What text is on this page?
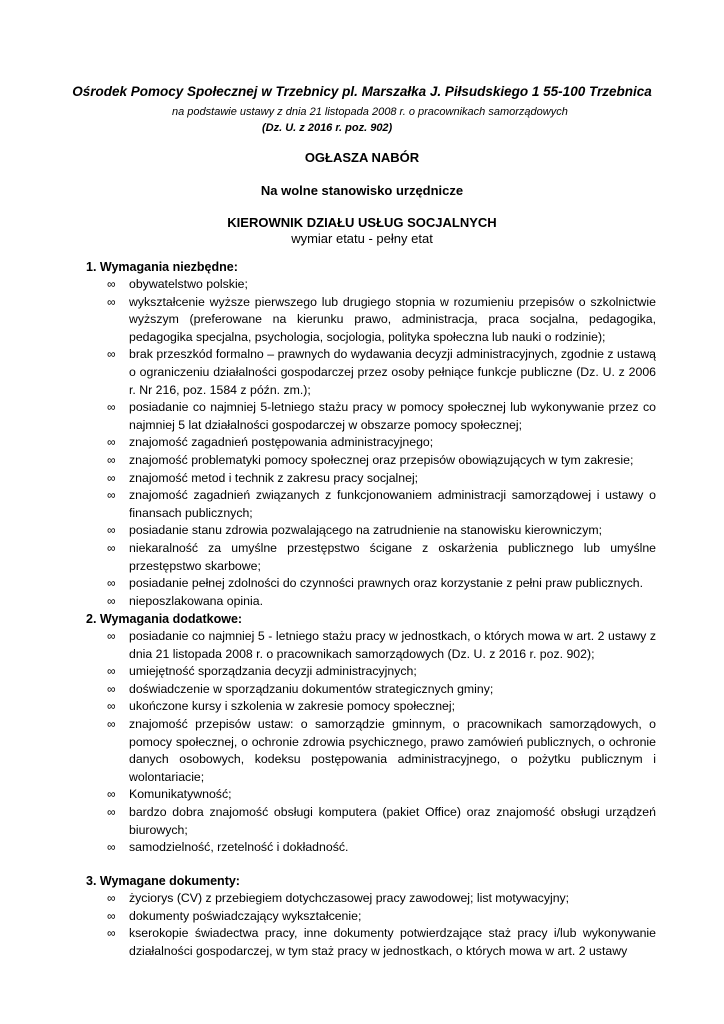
Ośrodek Pomocy Społecznej w Trzebnicy pl. Marszałka J. Piłsudskiego 1 55-100 Trzebnica
na podstawie ustawy z dnia 21 listopada 2008 r. o pracownikach samorządowych
(Dz. U. z 2016 r. poz. 902)
OGŁASZA NABÓR
Na wolne stanowisko urzędnicze
KIEROWNIK DZIAŁU USŁUG SOCJALNYCH
wymiar etatu - pełny etat
1. Wymagania niezbędne:
∞ obywatelstwo polskie;
∞ wykształcenie wyższe pierwszego lub drugiego stopnia w rozumieniu przepisów o szkolnictwie wyższym (preferowane na kierunku prawo, administracja, praca socjalna, pedagogika, pedagogika specjalna, psychologia, socjologia, polityka społeczna lub nauki o rodzinie);
∞ brak przeszkód formalno – prawnych do wydawania decyzji administracyjnych, zgodnie z ustawą o ograniczeniu działalności gospodarczej przez osoby pełniące funkcje publiczne (Dz. U. z 2006 r. Nr 216, poz. 1584 z późn. zm.);
∞ posiadanie co najmniej 5-letniego stażu pracy w pomocy społecznej lub wykonywanie przez co najmniej 5 lat działalności gospodarczej w obszarze pomocy społecznej;
∞ znajomość zagadnień postępowania administracyjnego;
∞ znajomość problematyki pomocy społecznej oraz przepisów obowiązujących w tym zakresie;
∞ znajomość metod i technik z zakresu pracy socjalnej;
∞ znajomość zagadnień związanych z funkcjonowaniem administracji samorządowej i ustawy o finansach publicznych;
∞ posiadanie stanu zdrowia pozwalającego na zatrudnienie na stanowisku kierowniczym;
∞ niekaralność za umyślne przestępstwo ścigane z oskarżenia publicznego lub umyślne przestępstwo skarbowe;
∞ posiadanie pełnej zdolności do czynności prawnych oraz korzystanie z pełni praw publicznych.
∞ nieposzlakowana opinia.
2. Wymagania dodatkowe:
∞ posiadanie co najmniej 5 - letniego stażu pracy w jednostkach, o których mowa w art. 2 ustawy z dnia 21 listopada 2008 r. o pracownikach samorządowych (Dz. U. z 2016 r. poz. 902);
∞ umiejętność sporządzania decyzji administracyjnych;
∞ doświadczenie w sporządzaniu dokumentów strategicznych gminy;
∞ ukończone kursy i szkolenia w zakresie pomocy społecznej;
∞ znajomość przepisów ustaw: o samorządzie gminnym, o pracownikach samorządowych, o pomocy społecznej, o ochronie zdrowia psychicznego, prawo zamówień publicznych, o ochronie danych osobowych, kodeksu postępowania administracyjnego, o pożytku publicznym i wolontariacie;
∞ Komunikatywność;
∞ bardzo dobra znajomość obsługi komputera (pakiet Office) oraz znajomość obsługi urządzeń biurowych;
∞ samodzielność, rzetelność i dokładność.
3. Wymagane dokumenty:
∞ życiorys (CV) z przebiegiem dotychczasowej pracy zawodowej; list motywacyjny;
∞ dokumenty poświadczający wykształcenie;
∞ kserokopie świadectwa pracy, inne dokumenty potwierdzające staż pracy i/lub wykonywanie działalności gospodarczej, w tym staż pracy w jednostkach, o których mowa w art. 2 ustawy
